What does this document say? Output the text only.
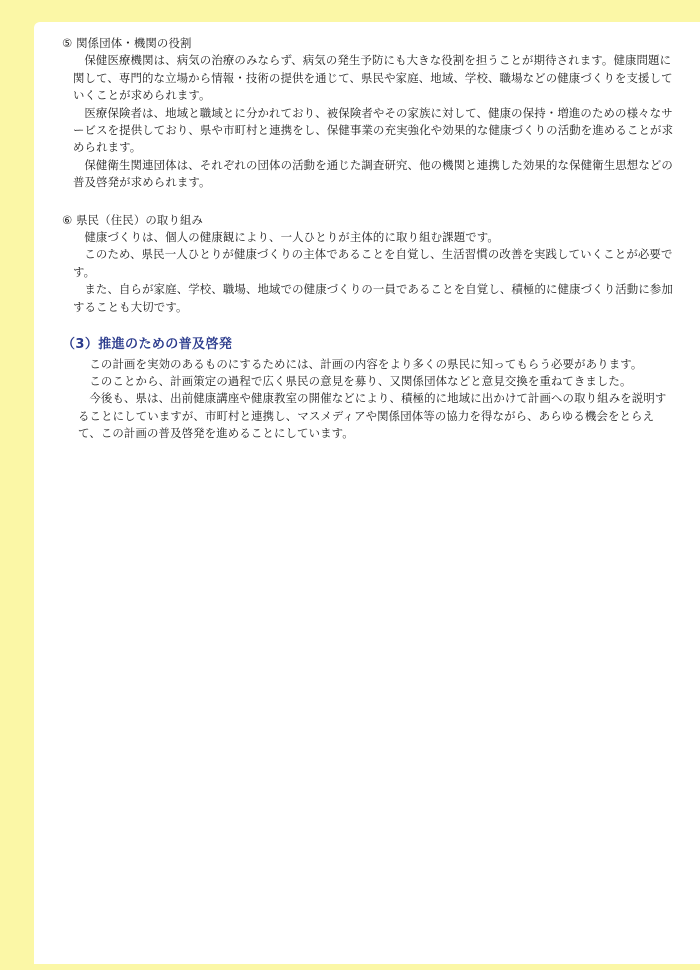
⑤ 関係団体・機関の役割

保健医療機関は、病気の治療のみならず、病気の発生予防にも大きな役割を担うことが期待されます。健康問題に関して、専門的な立場から情報・技術の提供を通じて、県民や家庭、地域、学校、職場などの健康づくりを支援していくことが求められます。

医療保険者は、地域と職域とに分かれており、被保険者やその家族に対して、健康の保持・増進のための様々なサービスを提供しており、県や市町村と連携をし、保健事業の充実強化や効果的な健康づくりの活動を進めることが求められます。

保健衛生関連団体は、それぞれの団体の活動を通じた調査研究、他の機関と連携した効果的な保健衛生思想などの普及啓発が求められます。

⑥ 県民（住民）の取り組み

健康づくりは、個人の健康観により、一人ひとりが主体的に取り組む課題です。

このため、県民一人ひとりが健康づくりの主体であることを自覚し、生活習慣の改善を実践していくことが必要です。

また、自らが家庭、学校、職場、地域での健康づくりの一員であることを自覚し、積極的に健康づくり活動に参加することも大切です。

（3）推進のための普及啓発

この計画を実効のあるものにするためには、計画の内容をより多くの県民に知ってもらう必要があります。

このことから、計画策定の過程で広く県民の意見を募り、又関係団体などと意見交換を重ねてきました。

今後も、県は、出前健康講座や健康教室の開催などにより、積極的に地域に出かけて計画への取り組みを説明することにしていますが、市町村と連携し、マスメディアや関係団体等の協力を得ながら、あらゆる機会をとらえて、この計画の普及啓発を進めることにしています。
